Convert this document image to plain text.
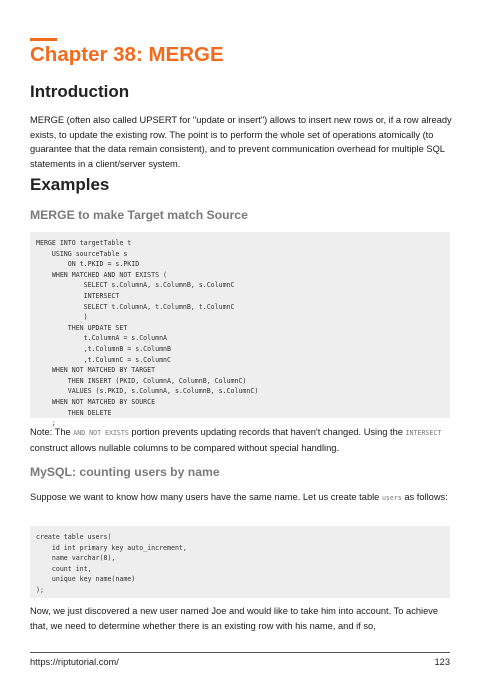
Chapter 38: MERGE
Introduction

MERGE (often also called UPSERT for "update or insert") allows to insert new rows or, if a row already exists, to update the existing row. The point is to perform the whole set of operations atomically (to guarantee that the data remain consistent), and to prevent communication overhead for multiple SQL statements in a client/server system.

Examples
MERGE to make Target match Source
MERGE INTO targetTable t
USING sourceTable s
ON t.PKID = s.PKID
WHEN MATCHED AND NOT EXISTS (
SELECT s.ColumnA, s.ColumnB, s.ColumnC
INTERSECT
SELECT t.ColumnA, t.ColumnB, t.ColumnC
)
THEN UPDATE SET
t.ColumnA = s.ColumnA
,t.ColumnB = s.ColumnB
,t.ColumnC = s.ColumnC
WHEN NOT MATCHED BY TARGET
THEN INSERT (PKID, ColumnA, ColumnB, ColumnC)
VALUES (s.PKID, s.ColumnA, s.ColumnB, s.ColumnC)
WHEN NOT MATCHED BY SOURCE
THEN DELETE
;

Note: The AND NOT EXISTS portion prevents updating records that haven't changed. Using the INTERSECT construct allows nullable columns to be compared without special handling.

MySQL: counting users by name

Suppose we want to know how many users have the same name. Let us create table users as follows:

create table users(
id int primary key auto_increment,
name varchar(8),
count int,
unique key name(name)
);

Now, we just discovered a new user named Joe and would like to take him into account. To achieve that, we need to determine whether there is an existing row with his name, and if so,

https://riptutorial.com/	123
